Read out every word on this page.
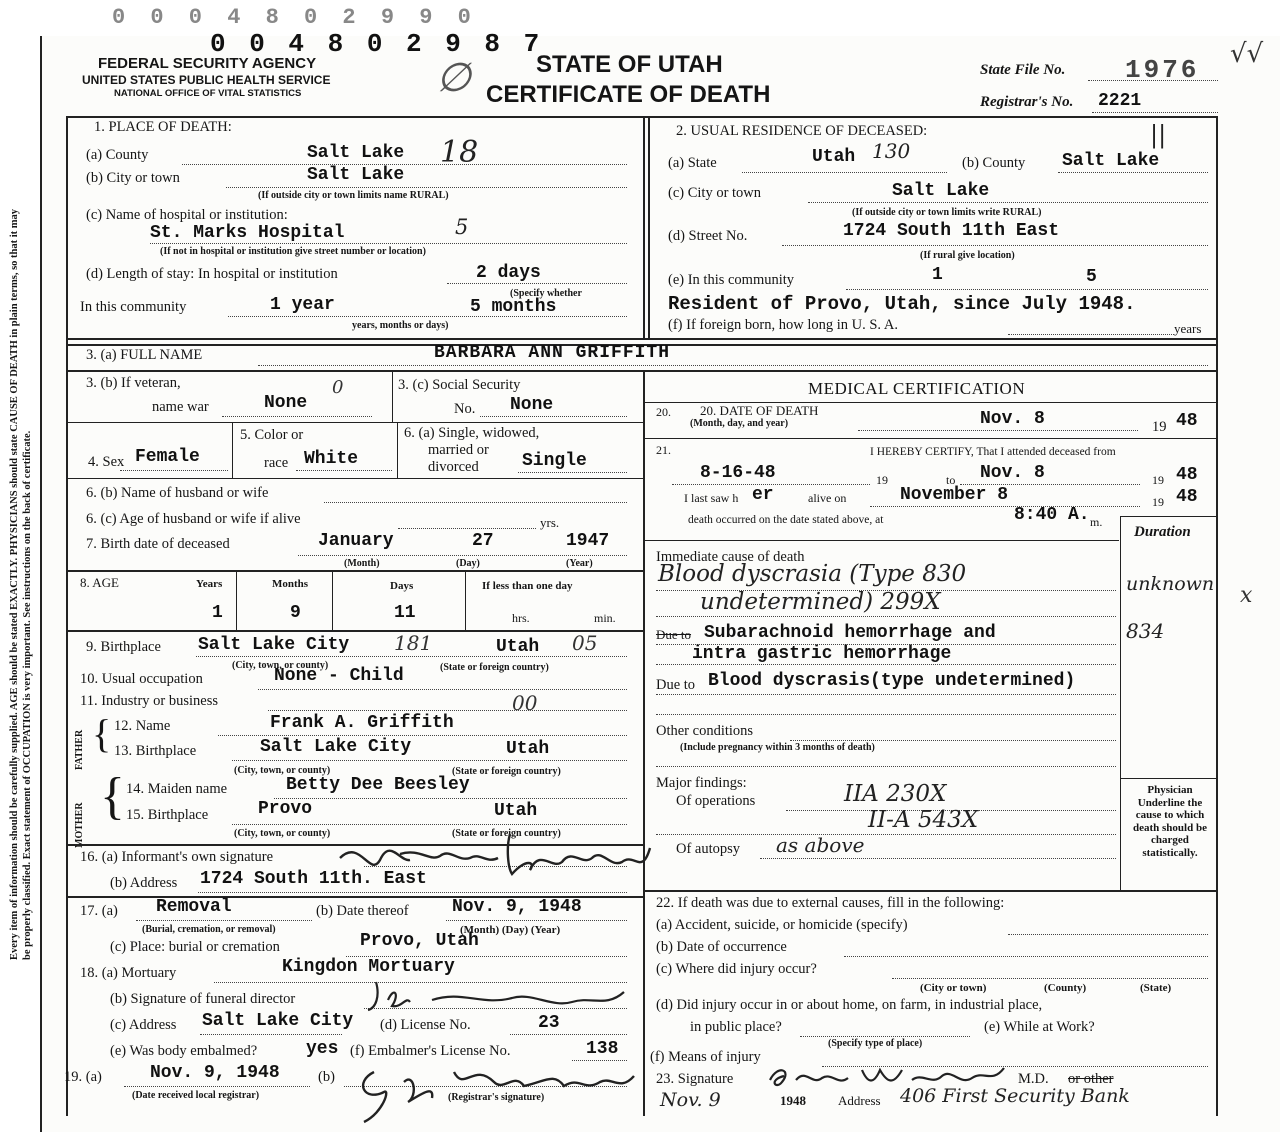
0 0 0 4 8 0 2 9 9 0
0 0 4 8 0 2 9 8 7
FEDERAL SECURITY AGENCY
UNITED STATES PUBLIC HEALTH SERVICE
NATIONAL OFFICE OF VITAL STATISTICS	∅	STATE OF UTAH
CERTIFICATE OF DEATH
State File No. 1976
√√
Registrar's No. 2221
Every item of information should be carefully supplied. AGE should be stated EXACTLY. PHYSICIANS should state CAUSE OF DEATH in plain terms, so that it may be properly classified. Exact statement of OCCUPATION is very important. See instructions on the back of certificate.
1. PLACE OF DEATH:
(a) County	Salt Lake 18
(b) City or town	Salt Lake
(If outside city or town limits name RURAL)
(c) Name of hospital or institution:
St. Marks Hospital	5
(If not in hospital or institution give street number or location)
(d) Length of stay: In hospital or institution	2 days
(Specify whether
In this community	1 year	5 months
years, months or days)
2. USUAL RESIDENCE OF DECEASED:
(a) State	Utah 130	(b) County Salt Lake
||
(c) City or town	Salt Lake
(If outside city or town limits write RURAL)
(d) Street No.	1724 South 11th East
(If rural give location)
(e) In this community	1	5
Resident of Provo, Utah, since July 1948.
(f) If foreign born, how long in U. S. A.	years
3. (a) FULL NAME	BARBARA ANN GRIFFITH
3. (b) If veteran,
name war	None
0	3. (c) Social Security
No. None
4. Sex Female
5. Color or
race White
6. (a) Single, widowed,
married or
divorced Single
6. (b) Name of husband or wife
6. (c) Age of husband or wife if alive	yrs.
7. Birth date of deceased	January	27	1947
(Month)	(Day)	(Year)
8. AGE	Years	Months	Days	If less than one day
1	9	11	hrs.	min.
9. Birthplace Salt Lake City 181	Utah 05
(City, town, or county)	(State or foreign country)
10. Usual occupation	None - Child
11. Industry or business	00
FATHER
MOTHER
{
{
12. Name	Frank A. Griffith
13. Birthplace	Salt Lake City	Utah
(City, town, or county)	(State or foreign country)
14. Maiden name	Betty Dee Beesley
15. Birthplace	Provo	Utah
(City, town, or county)	(State or foreign country)
16. (a) Informant's own signature
(b) Address 1724 South 11th. East
17. (a) Removal
(Burial, cremation, or removal)
(b) Date thereof Nov. 9, 1948
(Month) (Day) (Year)
(c) Place: burial or cremation	Provo, Utah
18. (a) Mortuary	Kingdon Mortuary
(b) Signature of funeral director
(c) Address Salt Lake City (d) License No.	23
(e) Was body embalmed?	yes (f) Embalmer's License No.	138
19. (a)	Nov. 9, 1948
(Date received local registrar)
(b)
(Registrar's signature)
MEDICAL CERTIFICATION
20. 20. DATE OF DEATH
(Month, day, and year)	Nov. 8	19 48
21.	I HEREBY CERTIFY, That I attended deceased from
8-16-48	19	to Nov. 8	19 48
I last saw h er	alive on	November 8	19 48
death occurred on the date stated above, at	8:40 A. m.
Duration
Immediate cause of death
Blood dyscrasia (Type 830	unknown x
undetermined) 299X
Due to Subarachnoid hemorrhage and	834
intra gastric hemorrhage
Due to Blood dyscrasis(type undetermined)
Other conditions
(Include pregnancy within 3 months of death)
Major findings:
Of operations	IIA 230X
II-A 543X
Of autopsy as above
Physician Underline the cause to which death should be charged statistically.
22. If death was due to external causes, fill in the following:
(a) Accident, suicide, or homicide (specify)
(b) Date of occurrence
(c) Where did injury occur?
(City or town)	(County)	(State)
(d) Did injury occur in or about home, on farm, in industrial place,
in public place?	(e) While at Work?
(Specify type of place)
(f) Means of injury
23. Signature	M.D. or other
Nov. 9	1948 Address 406 First Security Bank
